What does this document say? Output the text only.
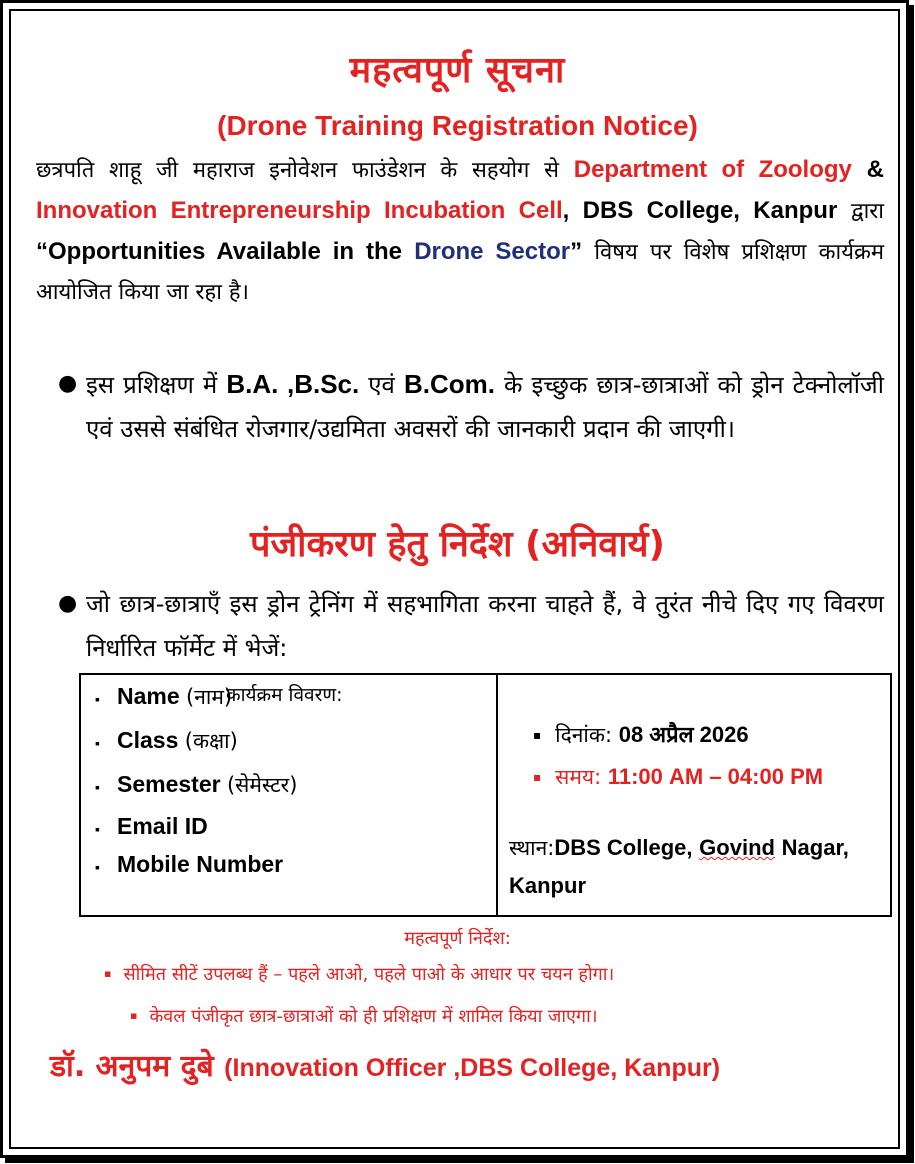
महत्वपूर्ण सूचना
(Drone Training Registration Notice)
छत्रपति शाहू जी महाराज इनोवेशन फाउंडेशन के सहयोग से Department of Zoology & Innovation Entrepreneurship Incubation Cell, DBS College, Kanpur द्वारा “Opportunities Available in the Drone Sector” विषय पर विशेष प्रशिक्षण कार्यक्रम आयोजित किया जा रहा है।
● इस प्रशिक्षण में B.A. ,B.Sc. एवं B.Com. के इच्छुक छात्र-छात्राओं को ड्रोन टेक्नोलॉजी एवं उससे संबंधित रोजगार/उद्यमिता अवसरों की जानकारी प्रदान की जाएगी।
पंजीकरण हेतु निर्देश (अनिवार्य)
● जो छात्र-छात्राएँ इस ड्रोन ट्रेनिंग में सहभागिता करना चाहते हैं, वे तुरंत नीचे दिए गए विवरण निर्धारित फॉर्मेट में भेजें:
▪ Name (नाम)
▪ Class (कक्षा)
▪ Semester (सेमेस्टर)
▪ Email ID
▪ Mobile Number
कार्यक्रम विवरण:
▪ दिनांक: 08 अप्रैल 2026
▪ समय: 11:00 AM – 04:00 PM
स्थान:DBS College, Govind Nagar, Kanpur
महत्वपूर्ण निर्देश:
▪ सीमित सीटें उपलब्ध हैं – पहले आओ, पहले पाओ के आधार पर चयन होगा।
▪ केवल पंजीकृत छात्र-छात्राओं को ही प्रशिक्षण में शामिल किया जाएगा।
डॉ. अनुपम दुबे (Innovation Officer ,DBS College, Kanpur)
